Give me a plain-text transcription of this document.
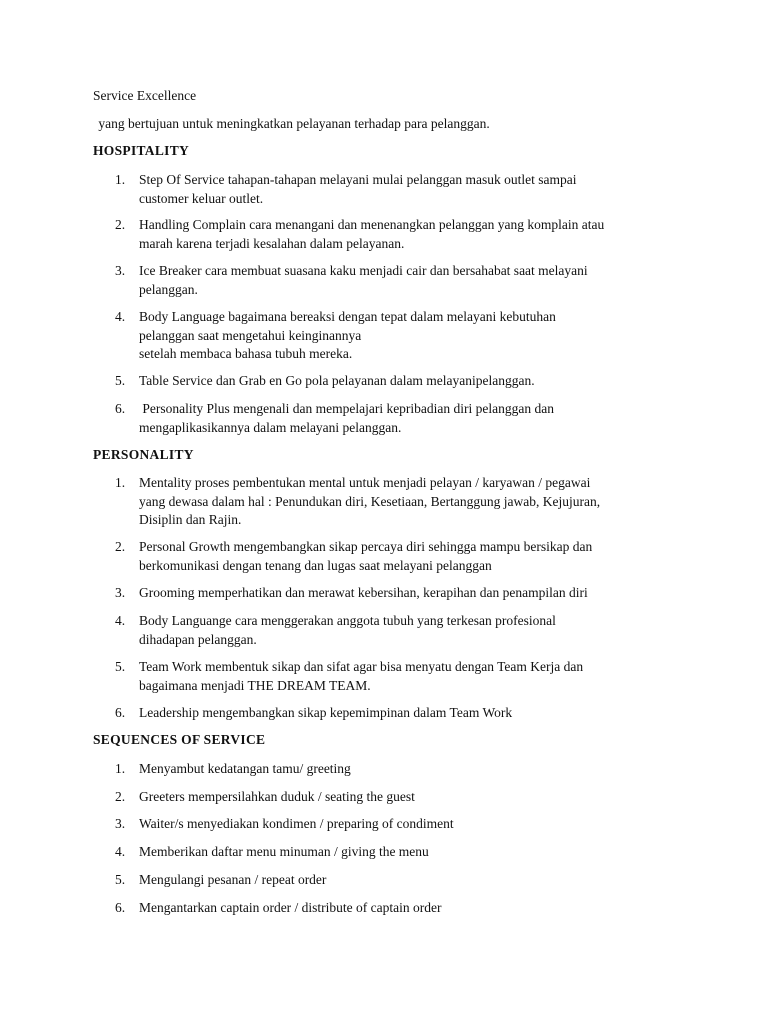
Service Excellence

yang bertujuan untuk meningkatkan pelayanan terhadap para pelanggan.

HOSPITALITY

1.	Step Of Service tahapan-tahapan melayani mulai pelanggan masuk outlet sampai
customer keluar outlet.
2.	Handling Complain cara menangani dan menenangkan pelanggan yang komplain atau
marah karena terjadi kesalahan dalam pelayanan.
3.	Ice Breaker cara membuat suasana kaku menjadi cair dan bersahabat saat melayani
pelanggan.
4.	Body Language bagaimana bereaksi dengan tepat dalam melayani kebutuhan
pelanggan saat mengetahui keinginannya
setelah membaca bahasa tubuh mereka.
5.	Table Service dan Grab en Go pola pelayanan dalam melayanipelanggan.
6.	Personality Plus mengenali dan mempelajari kepribadian diri pelanggan dan
mengaplikasikannya dalam melayani pelanggan.

PERSONALITY

1.	Mentality proses pembentukan mental untuk menjadi pelayan / karyawan / pegawai
yang dewasa dalam hal : Penundukan diri, Kesetiaan, Bertanggung jawab, Kejujuran,
Disiplin dan Rajin.
2.	Personal Growth mengembangkan sikap percaya diri sehingga mampu bersikap dan
berkomunikasi dengan tenang dan lugas saat melayani pelanggan
3.	Grooming memperhatikan dan merawat kebersihan, kerapihan dan penampilan diri
4.	Body Languange cara menggerakan anggota tubuh yang terkesan profesional
dihadapan pelanggan.
5.	Team Work membentuk sikap dan sifat agar bisa menyatu dengan Team Kerja dan
bagaimana menjadi THE DREAM TEAM.
6.	Leadership mengembangkan sikap kepemimpinan dalam Team Work

SEQUENCES OF SERVICE

1.	Menyambut kedatangan tamu/ greeting
2.	Greeters mempersilahkan duduk / seating the guest
3.	Waiter/s menyediakan kondimen / preparing of condiment
4.	Memberikan daftar menu minuman / giving the menu
5.	Mengulangi pesanan / repeat order
6.	Mengantarkan captain order / distribute of captain order
